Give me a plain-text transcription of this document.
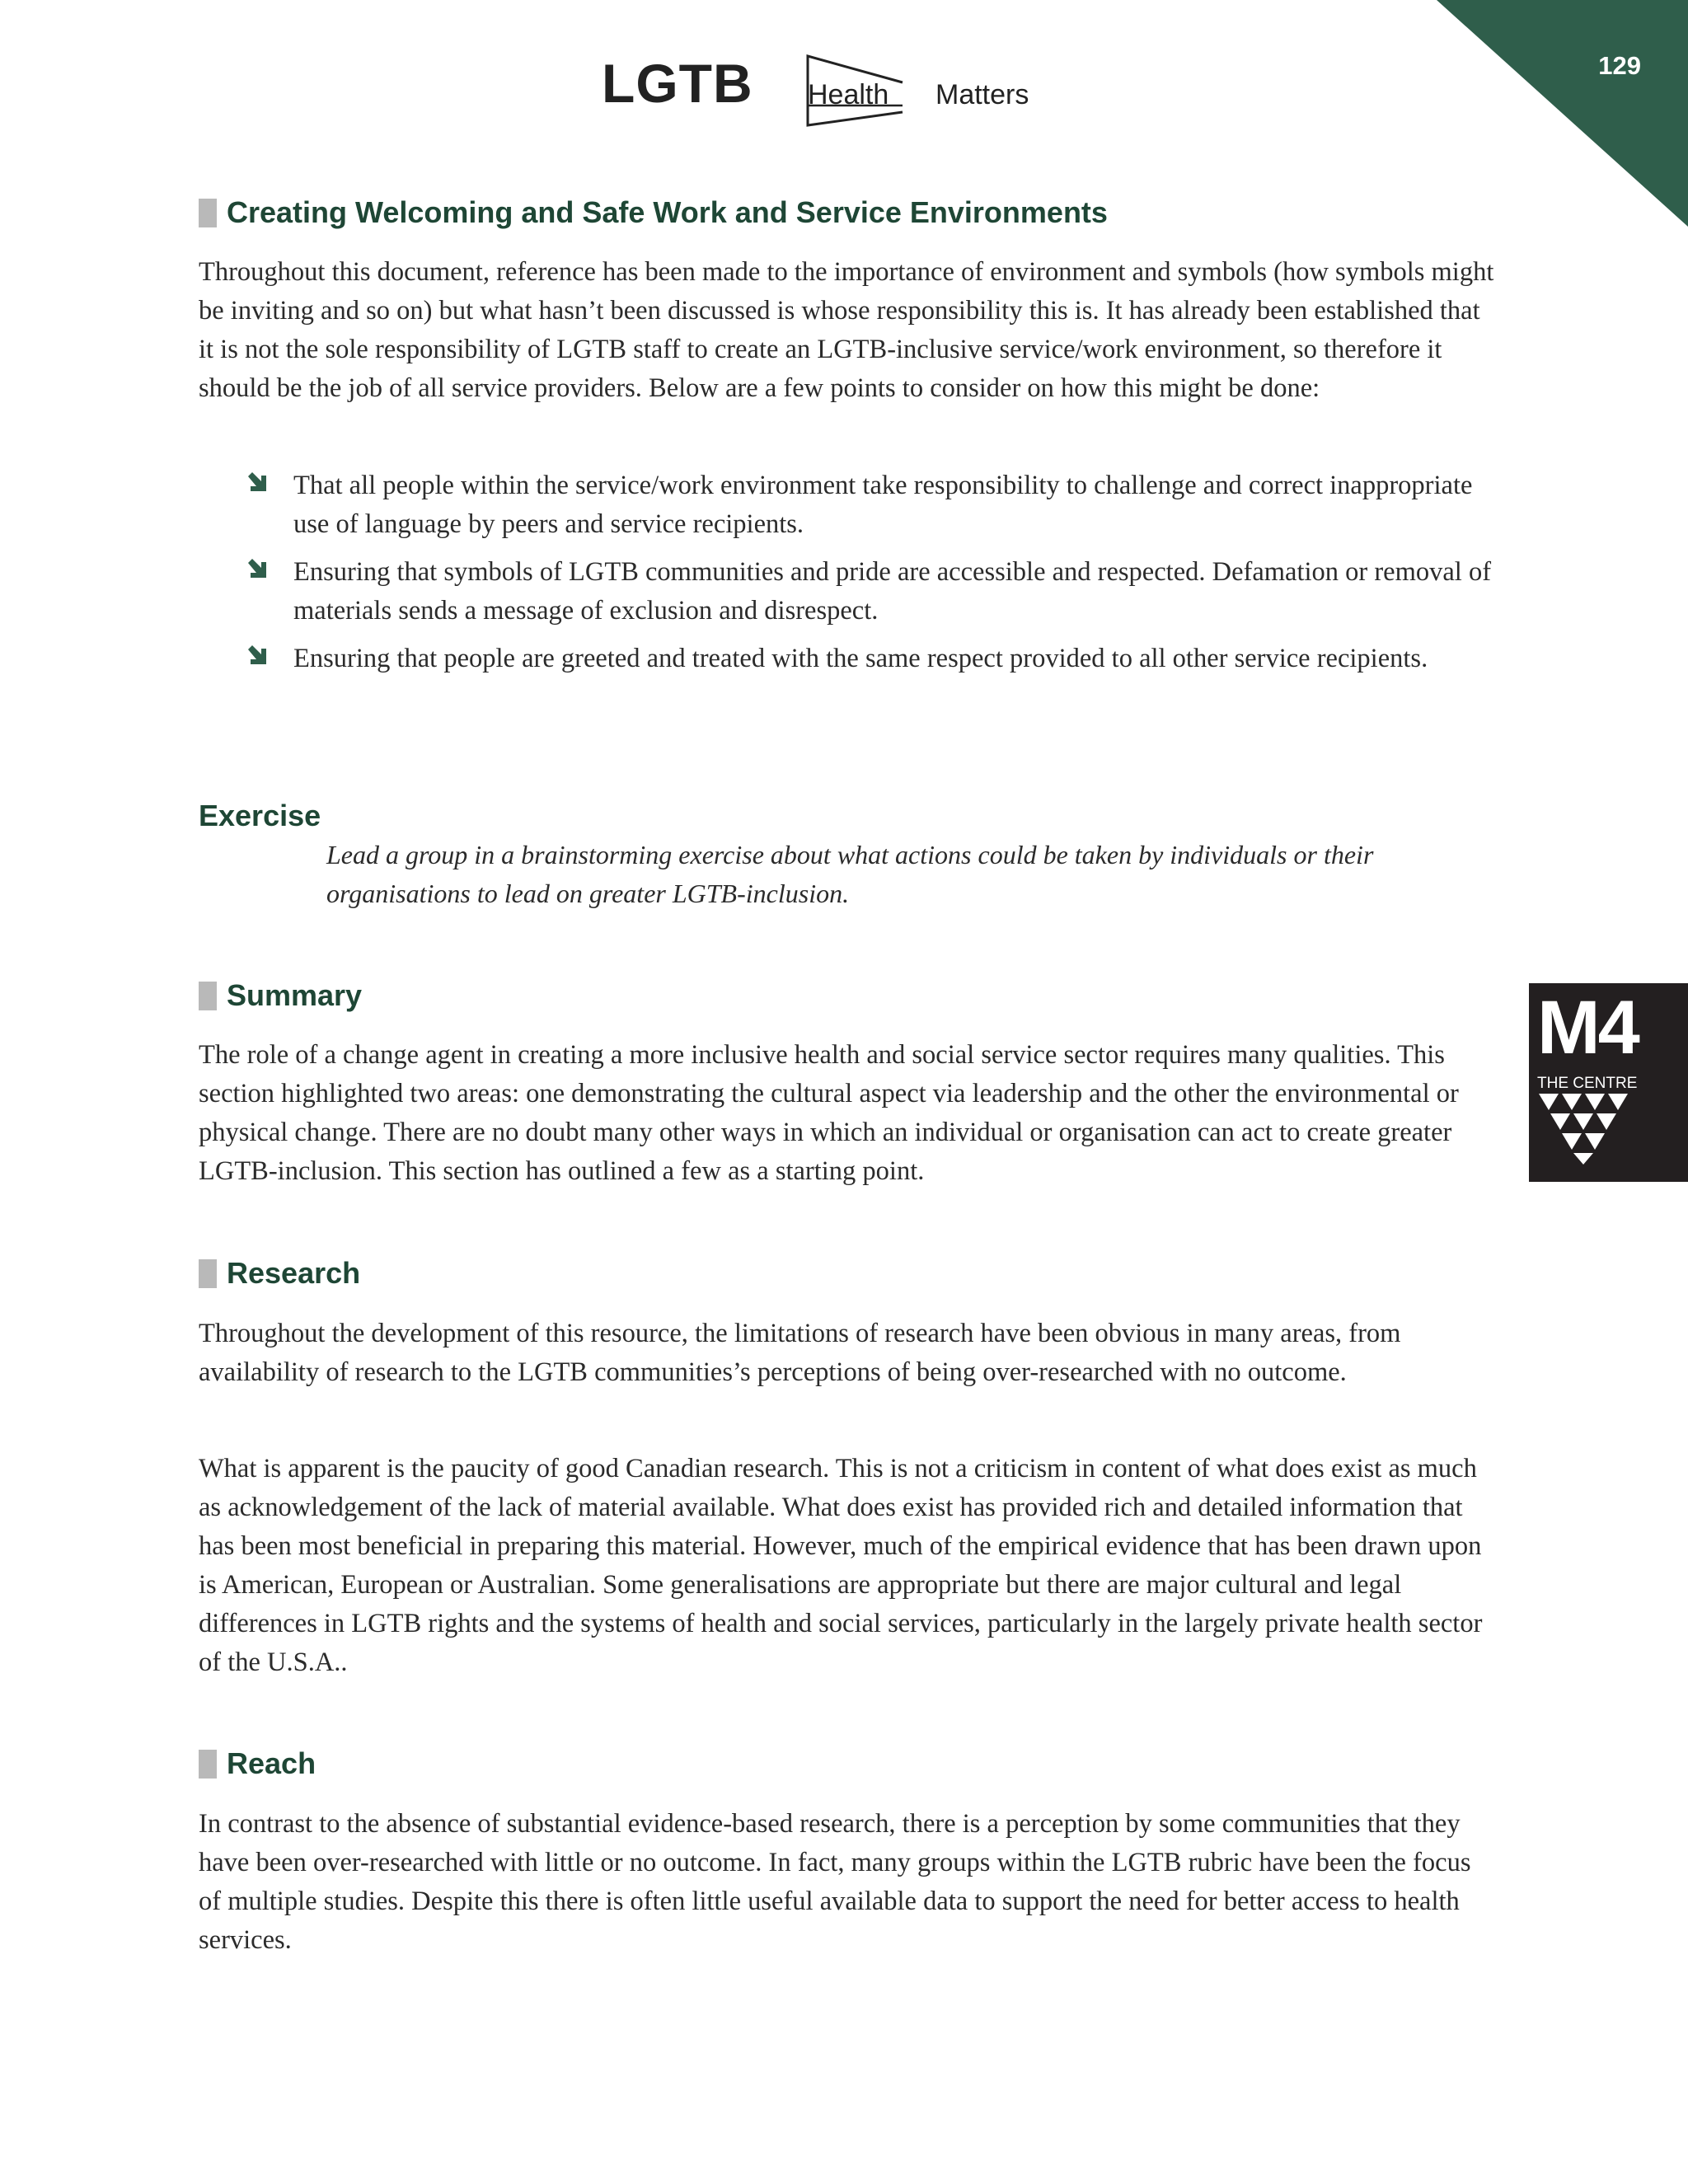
129
LGTB Health Matters
Creating Welcoming and Safe Work and Service Environments

Throughout this document, reference has been made to the importance of environment and symbols (how symbols might be inviting and so on) but what hasn’t been discussed is whose responsibility this is. It has already been established that it is not the sole responsibility of LGTB staff to create an LGTB-inclusive service/work environment, so therefore it should be the job of all service providers. Below are a few points to consider on how this might be done:

That all people within the service/work environment take responsibility to challenge and correct inappropriate use of language by peers and service recipients.
Ensuring that symbols of LGTB communities and pride are accessible and respected. Defamation or removal of materials sends a message of exclusion and disrespect.
Ensuring that people are greeted and treated with the same respect provided to all other service recipients.
Exercise

Lead a group in a brainstorming exercise about what actions could be taken by individuals or their organisations to lead on greater LGTB-inclusion.

Summary

The role of a change agent in creating a more inclusive health and social service sector requires many qualities. This section highlighted two areas: one demonstrating the cultural aspect via leadership and the other the environmental or physical change. There are no doubt many other ways in which an individual or organisation can act to create greater LGTB-inclusion. This section has outlined a few as a starting point.

Research

Throughout the development of this resource, the limitations of research have been obvious in many areas, from availability of research to the LGTB communities’s perceptions of being over-researched with no outcome.

What is apparent is the paucity of good Canadian research. This is not a criticism in content of what does exist as much as acknowledgement of the lack of material available. What does exist has provided rich and detailed information that has been most beneficial in preparing this material. However, much of the empirical evidence that has been drawn upon is American, European or Australian. Some generalisations are appropriate but there are major cultural and legal differences in LGTB rights and the systems of health and social services, particularly in the largely private health sector of the U.S.A..

Reach

In contrast to the absence of substantial evidence-based research, there is a perception by some communities that they have been over-researched with little or no outcome. In fact, many groups within the LGTB rubric have been the focus of multiple studies. Despite this there is often little useful available data to support the need for better access to health services.

M4
THE CENTRE
